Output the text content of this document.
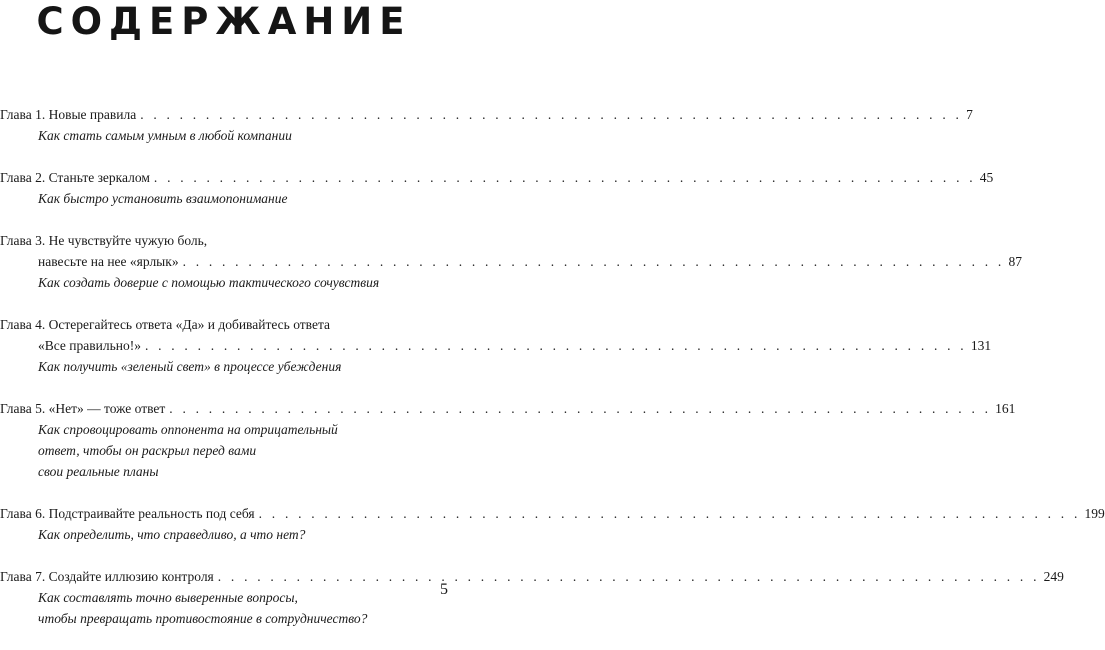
СОДЕРЖАНИЕ
Глава 1. Новые правила . . . . . . . . . . . . . . . . . . . . . . . . . . . . . . . . . . . . . . . . . . . . . . . . . . . . . . . . . . . . . . . 7
Как стать самым умным в любой компании
Глава 2. Станьте зеркалом . . . . . . . . . . . . . . . . . . . . . . . . . . . . . . . . . . . . . . . . . . . . . . . . . . . . . . . . . . . . . . . 45
Как быстро установить взаимопонимание
Глава 3. Не чувствуйте чужую боль,
навесьте на нее «ярлык» . . . . . . . . . . . . . . . . . . . . . . . . . . . . . . . . . . . . . . . . . . . . . . . . . . . . . . . . . . . . . . . 87
Как создать доверие с помощью тактического сочувствия
Глава 4. Остерегайтесь ответа «Да» и добивайтесь ответа
«Все правильно!» . . . . . . . . . . . . . . . . . . . . . . . . . . . . . . . . . . . . . . . . . . . . . . . . . . . . . . . . . . . . . . . 131
Как получить «зеленый свет» в процессе убеждения
Глава 5. «Нет» — тоже ответ . . . . . . . . . . . . . . . . . . . . . . . . . . . . . . . . . . . . . . . . . . . . . . . . . . . . . . . . . . . . . . . 161
Как спровоцировать оппонента на отрицательный
ответ, чтобы он раскрыл перед вами
свои реальные планы
Глава 6. Подстраивайте реальность под себя . . . . . . . . . . . . . . . . . . . . . . . . . . . . . . . . . . . . . . . . . . . . . . . . . . . . . . . . . . . . . . . 199
Как определить, что справедливо, а что нет?
Глава 7. Создайте иллюзию контроля . . . . . . . . . . . . . . . . . . . . . . . . . . . . . . . . . . . . . . . . . . . . . . . . . . . . . . . . . . . . . . . 249
Как составлять точно выверенные вопросы,
чтобы превращать противостояние в сотрудничество?
5
